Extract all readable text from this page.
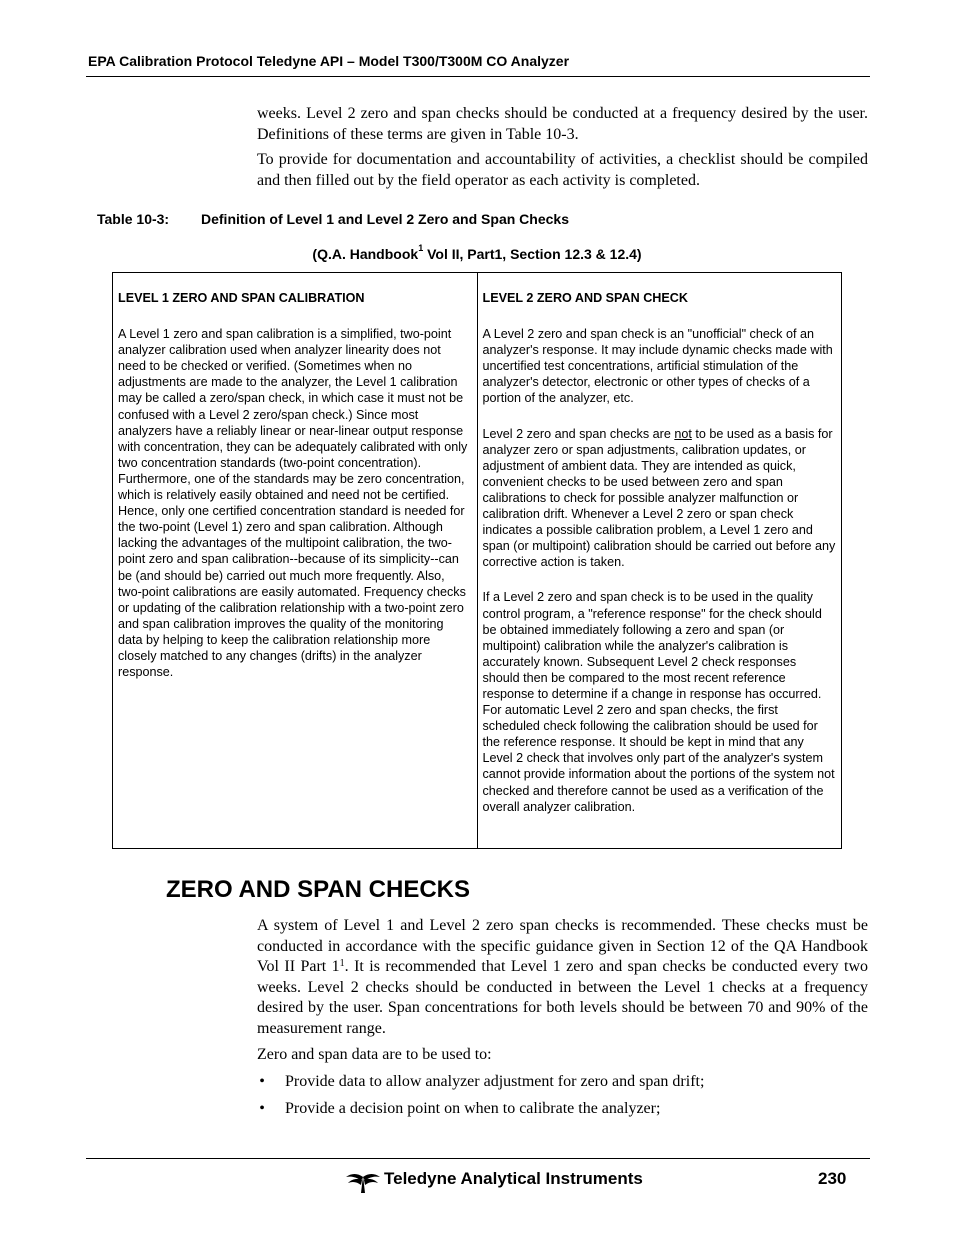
EPA Calibration Protocol Teledyne API – Model T300/T300M CO Analyzer

weeks. Level 2 zero and span checks should be conducted at a frequency desired by the user. Definitions of these terms are given in Table 10-3.

To provide for documentation and accountability of activities, a checklist should be compiled and then filled out by the field operator as each activity is completed.

Table 10-3: Definition of Level 1 and Level 2 Zero and Span Checks
(Q.A. Handbook$^1$ Vol II, Part1, Section 12.3 & 12.4)

LEVEL 1 ZERO AND SPAN CALIBRATION

A Level 1 zero and span calibration is a simplified, two-point analyzer calibration used when analyzer linearity does not need to be checked or verified. (Sometimes when no adjustments are made to the analyzer, the Level 1 calibration may be called a zero/span check, in which case it must not be confused with a Level 2 zero/span check.) Since most analyzers have a reliably linear or near-linear output response with concentration, they can be adequately calibrated with only two concentration standards (two-point concentration). Furthermore, one of the standards may be zero concentration, which is relatively easily obtained and need not be certified. Hence, only one certified concentration standard is needed for the two-point (Level 1) zero and span calibration. Although lacking the advantages of the multipoint calibration, the two-point zero and span calibration--because of its simplicity--can be (and should be) carried out much more frequently. Also, two-point calibrations are easily automated. Frequency checks or updating of the calibration relationship with a two-point zero and span calibration improves the quality of the monitoring data by helping to keep the calibration relationship more closely matched to any changes (drifts) in the analyzer response.

LEVEL 2 ZERO AND SPAN CHECK

A Level 2 zero and span check is an "unofficial" check of an analyzer's response. It may include dynamic checks made with uncertified test concentrations, artificial stimulation of the analyzer's detector, electronic or other types of checks of a portion of the analyzer, etc.

Level 2 zero and span checks are not to be used as a basis for analyzer zero or span adjustments, calibration updates, or adjustment of ambient data. They are intended as quick, convenient checks to be used between zero and span calibrations to check for possible analyzer malfunction or calibration drift. Whenever a Level 2 zero or span check indicates a possible calibration problem, a Level 1 zero and span (or multipoint) calibration should be carried out before any corrective action is taken.

If a Level 2 zero and span check is to be used in the quality control program, a "reference response" for the check should be obtained immediately following a zero and span (or multipoint) calibration while the analyzer's calibration is accurately known. Subsequent Level 2 check responses should then be compared to the most recent reference response to determine if a change in response has occurred. For automatic Level 2 zero and span checks, the first scheduled check following the calibration should be used for the reference response. It should be kept in mind that any Level 2 check that involves only part of the analyzer's system cannot provide information about the portions of the system not checked and therefore cannot be used as a verification of the overall analyzer calibration.

ZERO AND SPAN CHECKS

A system of Level 1 and Level 2 zero span checks is recommended. These checks must be conducted in accordance with the specific guidance given in Section 12 of the QA Handbook Vol II Part $1^1$. It is recommended that Level 1 zero and span checks be conducted every two weeks. Level 2 checks should be conducted in between the Level 1 checks at a frequency desired by the user. Span concentrations for both levels should be between 70 and 90% of the measurement range.

Zero and span data are to be used to:

• Provide data to allow analyzer adjustment for zero and span drift;
• Provide a decision point on when to calibrate the analyzer;
Teledyne Analytical Instruments	230
